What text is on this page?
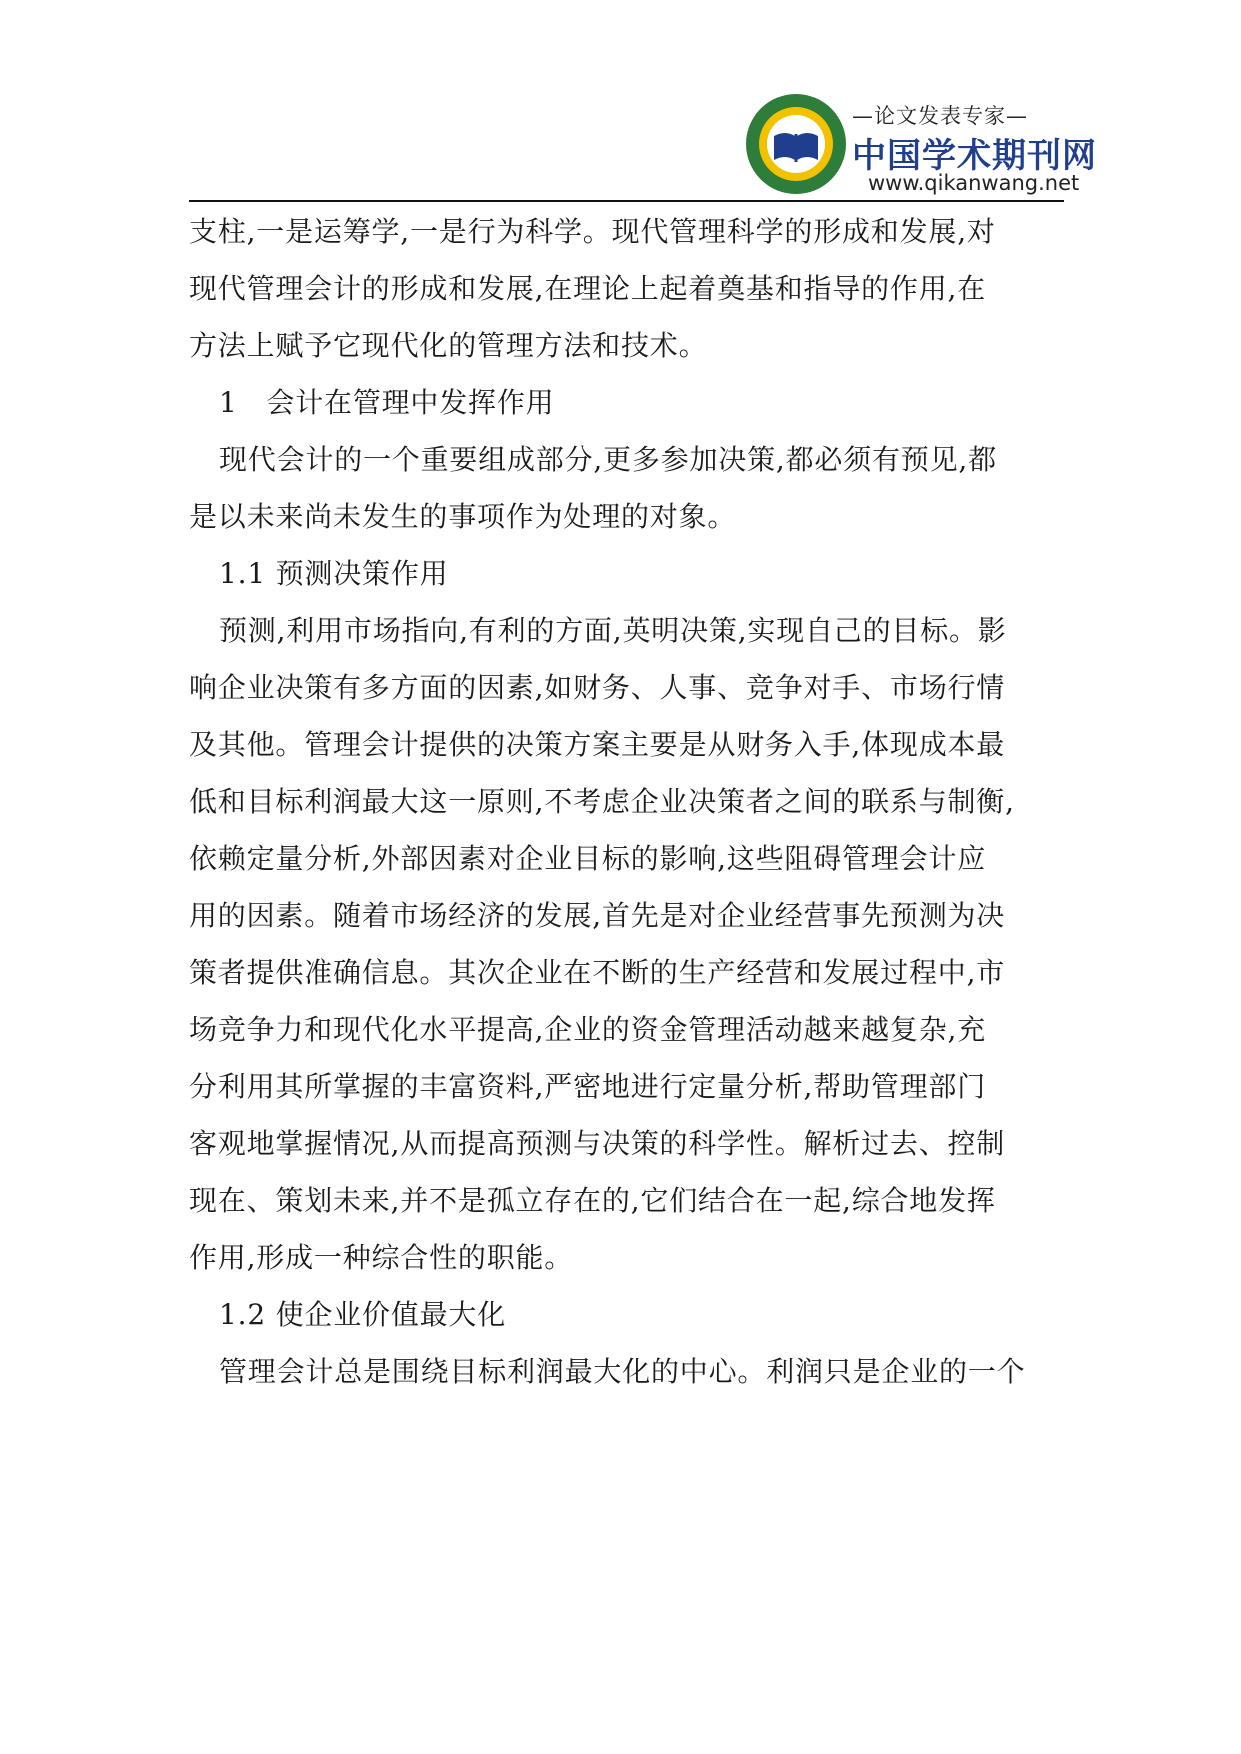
—论文发表专家—
中国学术期刊网
www.qikanwang.net
支柱,一是运筹学,一是行为科学。现代管理科学的形成和发展,对
现代管理会计的形成和发展,在理论上起着奠基和指导的作用,在
方法上赋予它现代化的管理方法和技术。
1　会计在管理中发挥作用
现代会计的一个重要组成部分,更多参加决策,都必须有预见,都
是以未来尚未发生的事项作为处理的对象。
1.1 预测决策作用
预测,利用市场指向,有利的方面,英明决策,实现自己的目标。影
响企业决策有多方面的因素,如财务、人事、竞争对手、市场行情
及其他。管理会计提供的决策方案主要是从财务入手,体现成本最
低和目标利润最大这一原则,不考虑企业决策者之间的联系与制衡,
依赖定量分析,外部因素对企业目标的影响,这些阻碍管理会计应
用的因素。随着市场经济的发展,首先是对企业经营事先预测为决
策者提供准确信息。其次企业在不断的生产经营和发展过程中,市
场竞争力和现代化水平提高,企业的资金管理活动越来越复杂,充
分利用其所掌握的丰富资料,严密地进行定量分析,帮助管理部门
客观地掌握情况,从而提高预测与决策的科学性。解析过去、控制
现在、策划未来,并不是孤立存在的,它们结合在一起,综合地发挥
作用,形成一种综合性的职能。
1.2 使企业价值最大化
管理会计总是围绕目标利润最大化的中心。利润只是企业的一个
